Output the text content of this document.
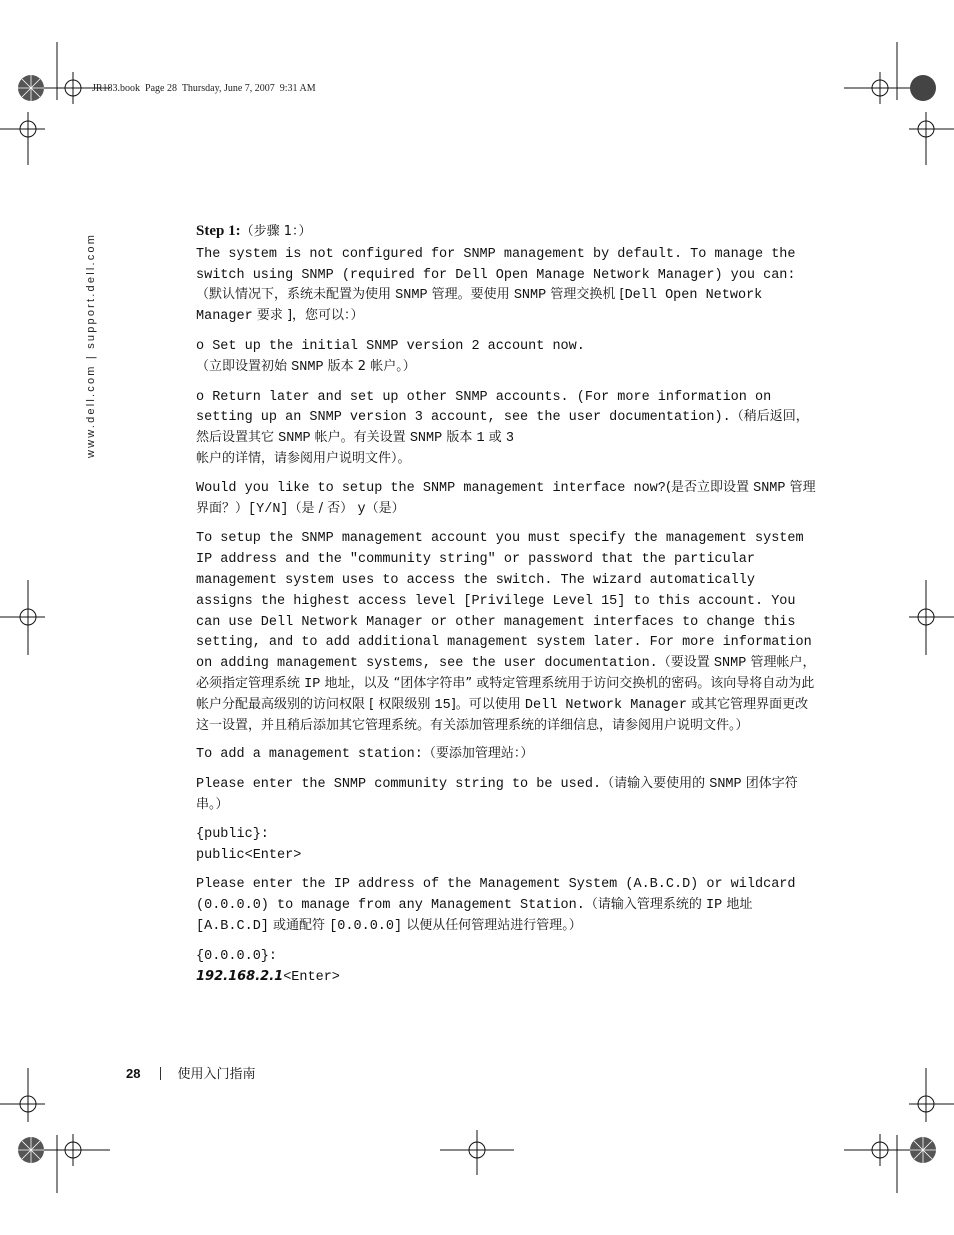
JR183.book  Page 28  Thursday, June 7, 2007  9:31 AM
www.dell.com | support.dell.com

Step 1:（步骤 1：）

The system is not configured for SNMP management by default. To manage the switch using SNMP (required for Dell Open Manage Network Manager) you can:（默认情况下，系统未配置为使用 SNMP 管理。要使用 SNMP 管理交换机 [Dell Open Network Manager 要求 ]，您可以：）

o Set up the initial SNMP version 2 account now.
（立即设置初始 SNMP 版本 2 帐户。）

o Return later and set up other SNMP accounts. (For more information on setting up an SNMP version 3 account, see the user documentation).（稍后返回，然后设置其它 SNMP 帐户。有关设置 SNMP 版本 1 或 3
帐户的详情，请参阅用户说明文件）。

Would you like to setup the SNMP management interface now?(是否立即设置 SNMP 管理界面？）[Y/N]（是 / 否） y（是）

To setup the SNMP management account you must specify the management system IP address and the "community string" or password that the particular management system uses to access the switch. The wizard automatically assigns the highest access level [Privilege Level 15] to this account. You can use Dell Network Manager or other management interfaces to change this setting, and to add additional management system later. For more information on adding management systems, see the user documentation.（要设置 SNMP 管理帐户，必须指定管理系统 IP 地址，以及 “团体字符串” 或特定管理系统用于访问交换机的密码。该向导将自动为此帐户分配最高级别的访问权限 [ 权限级别 15]。可以使用 Dell Network Manager 或其它管理界面更改这一设置，并且稍后添加其它管理系统。有关添加管理系统的详细信息，请参阅用户说明文件。）

To add a management station:（要添加管理站：）

Please enter the SNMP community string to be used.（请输入要使用的 SNMP 团体字符串。）

{public}:
public<Enter>

Please enter the IP address of the Management System (A.B.C.D) or wildcard (0.0.0.0) to manage from any Management Station.（请输入管理系统的 IP 地址 [A.B.C.D] 或通配符 [0.0.0.0] 以便从任何管理站进行管理。）

{0.0.0.0}:
192.168.2.1<Enter>

28	使用入门指南
